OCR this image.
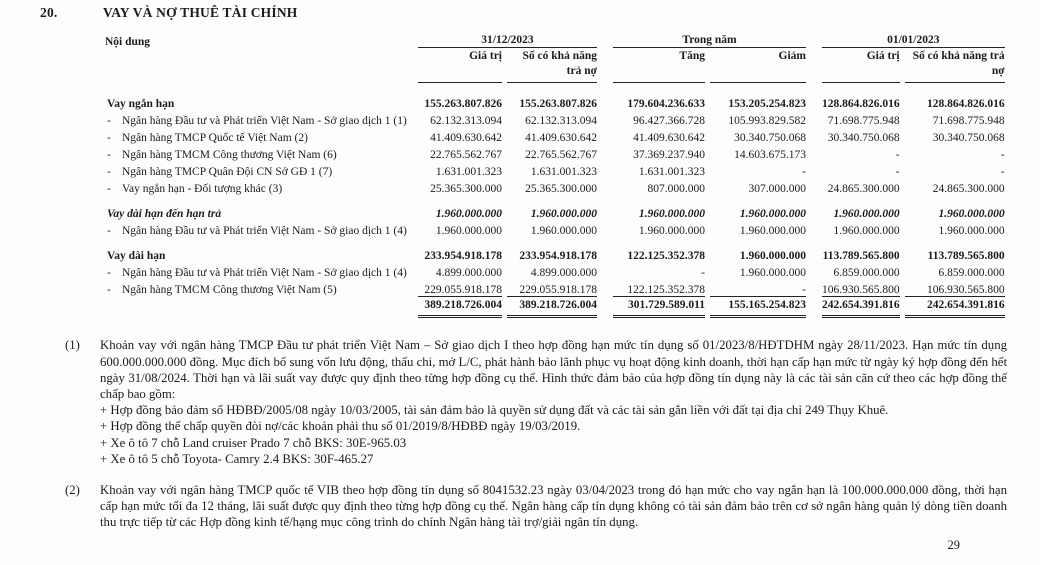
20.	VAY VÀ NỢ THUÊ TÀI CHÍNH
Nội dung	31/12/2023			Trong năm			01/01/2023	
	Giá trị	Số có khả năng trả nợ		Tăng	Giảm		Giá trị	Số có khả năng trả nợ
Vay ngắn hạn	155.263.807.826	155.263.807.826		179.604.236.633	153.205.254.823		128.864.826.016	128.864.826.016
- Ngân hàng Đầu tư và Phát triển Việt Nam - Sở giao dịch 1 (1)	62.132.313.094	62.132.313.094		96.427.366.728	105.993.829.582		71.698.775.948	71.698.775.948
- Ngân hàng TMCP Quốc tế Việt Nam (2)	41.409.630.642	41.409.630.642		41.409.630.642	30.340.750.068		30.340.750.068	30.340.750.068
- Ngân hàng TMCM Công thương Việt Nam (6)	22.765.562.767	22.765.562.767		37.369.237.940	14.603.675.173		-	-
- Ngân hàng TMCP Quân Đội CN Sở GĐ 1 (7)	1.631.001.323	1.631.001.323		1.631.001.323	-		-	-
- Vay ngắn hạn - Đối tượng khác (3)	25.365.300.000	25.365.300.000		807.000.000	307.000.000		24.865.300.000	24.865.300.000
Vay dài hạn đến hạn trả	1.960.000.000	1.960.000.000		1.960.000.000	1.960.000.000		1.960.000.000	1.960.000.000
- Ngân hàng Đầu tư và Phát triển Việt Nam - Sở giao dịch 1 (4)	1.960.000.000	1.960.000.000		1.960.000.000	1.960.000.000		1.960.000.000	1.960.000.000
Vay dài hạn	233.954.918.178	233.954.918.178		122.125.352.378	1.960.000.000		113.789.565.800	113.789.565.800
- Ngân hàng Đầu tư và Phát triển Việt Nam - Sở giao dịch 1 (4)	4.899.000.000	4.899.000.000		-	1.960.000.000		6.859.000.000	6.859.000.000
- Ngân hàng TMCM Công thương Việt Nam (5)	229.055.918.178	229.055.918.178		122.125.352.378	-		106.930.565.800	106.930.565.800
	389.218.726.004	389.218.726.004		301.729.589.011	155.165.254.823		242.654.391.816	242.654.391.816
(1)	Khoản vay với ngân hàng TMCP Đầu tư phát triển Việt Nam – Sở giao dịch I theo hợp đồng hạn mức tín dụng số 01/2023/8/HĐTDHM ngày 28/11/2023. Hạn mức tín dụng 600.000.000.000 đồng. Mục đích bổ sung vốn lưu động, thấu chi, mở L/C, phát hành bảo lãnh phục vụ hoạt động kinh doanh, thời hạn cấp hạn mức từ ngày ký hợp đồng đến hết ngày 31/08/2024. Thời hạn và lãi suất vay được quy định theo từng hợp đồng cụ thể. Hình thức đảm bảo của hợp đồng tín dụng này là các tài sản căn cứ theo các hợp đồng thế chấp bao gồm:

+ Hợp đồng bảo đảm số HĐBĐ/2005/08 ngày 10/03/2005, tài sản đảm bảo là quyền sử dụng đất và các tài sản gắn liền với đất tại địa chỉ 249 Thụy Khuê.
+ Hợp đồng thế chấp quyền đòi nợ/các khoản phải thu số 01/2019/8/HĐBĐ ngày 19/03/2019.
+ Xe ô tô 7 chỗ Land cruiser Prado 7 chỗ BKS: 30E-965.03
+ Xe ô tô 5 chỗ Toyota- Camry 2.4 BKS: 30F-465.27
(2)	Khoản vay với ngân hàng TMCP quốc tế VIB theo hợp đồng tín dụng số 8041532.23 ngày 03/04/2023 trong đó hạn mức cho vay ngắn hạn là 100.000.000.000 đồng, thời hạn cấp hạn mức tối đa 12 tháng, lãi suất được quy định theo từng hợp đồng cụ thể. Ngân hàng cấp tín dụng không có tài sản đảm bảo trên cơ sở ngân hàng quản lý dòng tiền doanh thu trực tiếp từ các Hợp đồng kinh tế/hạng mục công trình do chính Ngân hàng tài trợ/giải ngân tín dụng.

29
